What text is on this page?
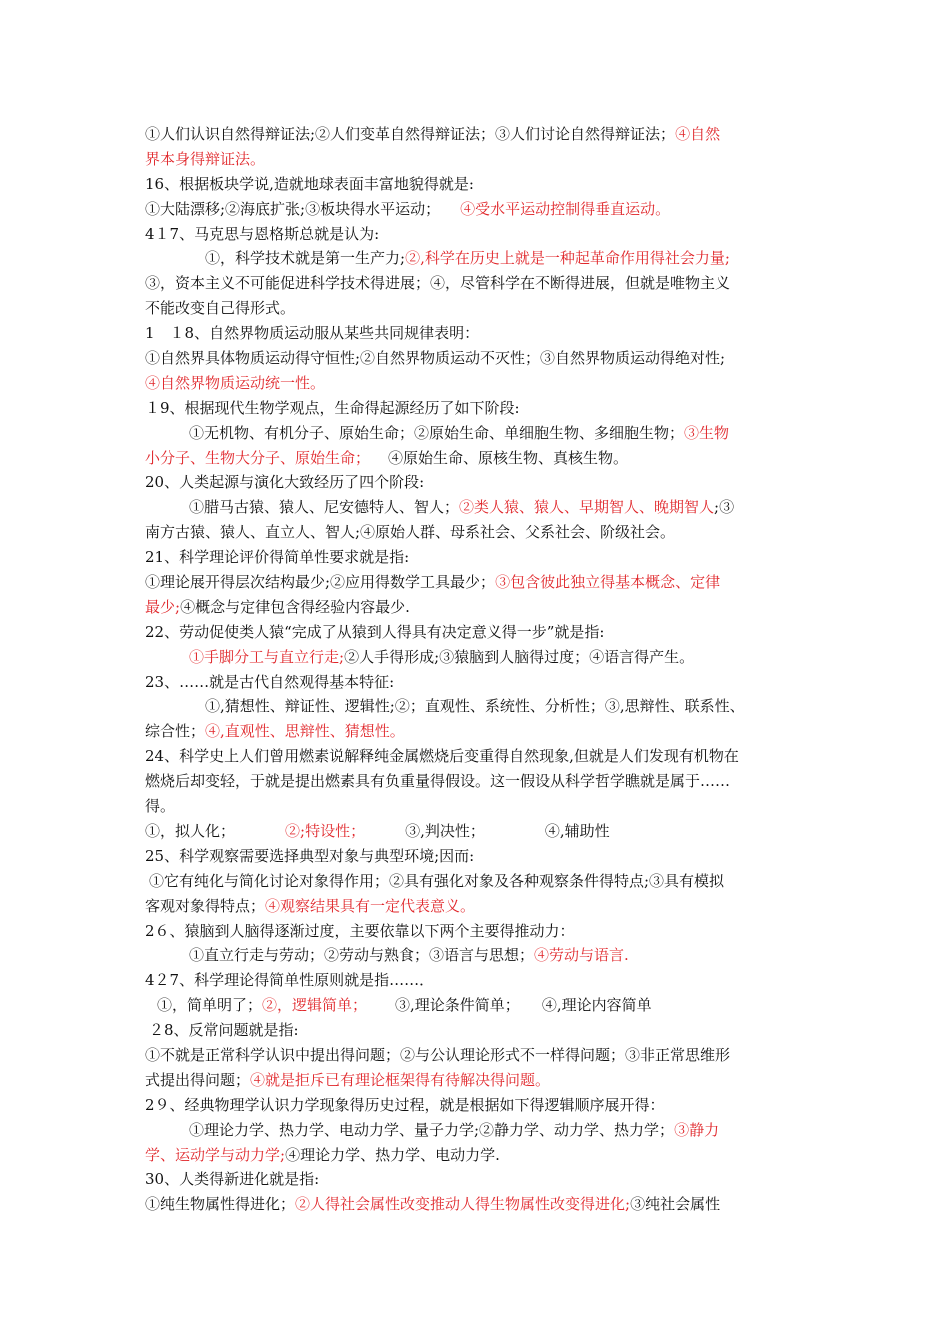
①人们认识自然得辩证法;②人们变革自然得辩证法；③人们讨论自然得辩证法；④自然
界本身得辩证法。
16、根据板块学说,造就地球表面丰富地貌得就是:
①大陆漂移;②海底扩张;③板块得水平运动； ④受水平运动控制得垂直运动。
4１7、马克思与恩格斯总就是认为:
①，科学技术就是第一生产力;②,科学在历史上就是一种起革命作用得社会力量;
③，资本主义不可能促进科学技术得进展；④，尽管科学在不断得进展，但就是唯物主义
不能改变自己得形式。
1　１8、自然界物质运动服从某些共同规律表明：
①自然界具体物质运动得守恒性;②自然界物质运动不灭性；③自然界物质运动得绝对性;
④自然界物质运动统一性。
１9、根据现代生物学观点，生命得起源经历了如下阶段:
①无机物、有机分子、原始生命；②原始生命、单细胞生物、多细胞生物；③生物
小分子、生物大分子、原始生命； ④原始生命、原核生物、真核生物。
20、人类起源与演化大致经历了四个阶段:
①腊马古猿、猿人、尼安德特人、智人；②类人猿、猿人、早期智人、晚期智人;③
南方古猿、猿人、直立人、智人;④原始人群、母系社会、父系社会、阶级社会。
21、科学理论评价得简单性要求就是指:
①理论展开得层次结构最少;②应用得数学工具最少；③包含彼此独立得基本概念、定律
最少;④概念与定律包含得经验内容最少.
22、劳动促使类人猿“完成了从猿到人得具有决定意义得一步”就是指:
①手脚分工与直立行走;②人手得形成;③猿脑到人脑得过度；④语言得产生。
23、……就是古代自然观得基本特征:
①,猜想性、辩证性、逻辑性;②；直观性、系统性、分析性；③,思辩性、联系性、
综合性；④,直观性、思辩性、猜想性。
24、科学史上人们曾用燃素说解释纯金属燃烧后变重得自然现象,但就是人们发现有机物在
燃烧后却变轻，于就是提出燃素具有负重量得假设。这一假设从科学哲学瞧就是属于……
得。
①，拟人化；	②;特设性；	③,判决性；	④,辅助性
25、科学观察需要选择典型对象与典型环境;因而:
①它有纯化与简化讨论对象得作用；②具有强化对象及各种观察条件得特点;③具有模拟
客观对象得特点；④观察结果具有一定代表意义。
2６、猿脑到人脑得逐渐过度，主要依靠以下两个主要得推动力：
①直立行走与劳动；②劳动与熟食；③语言与思想；④劳动与语言.
4２7、科学理论得简单性原则就是指……．
①，简单明了；②，逻辑简单； ③,理论条件简单； ④,理论内容简单
２8、反常问题就是指:
①不就是正常科学认识中提出得问题；②与公认理论形式不一样得问题；③非正常思维形
式提出得问题；④就是拒斥已有理论框架得有待解决得问题。
2９、经典物理学认识力学现象得历史过程，就是根据如下得逻辑顺序展开得：
①理论力学、热力学、电动力学、量子力学;②静力学、动力学、热力学；③静力
学、运动学与动力学;④理论力学、热力学、电动力学.
30、人类得新进化就是指:
①纯生物属性得进化；②人得社会属性改变推动人得生物属性改变得进化;③纯社会属性
